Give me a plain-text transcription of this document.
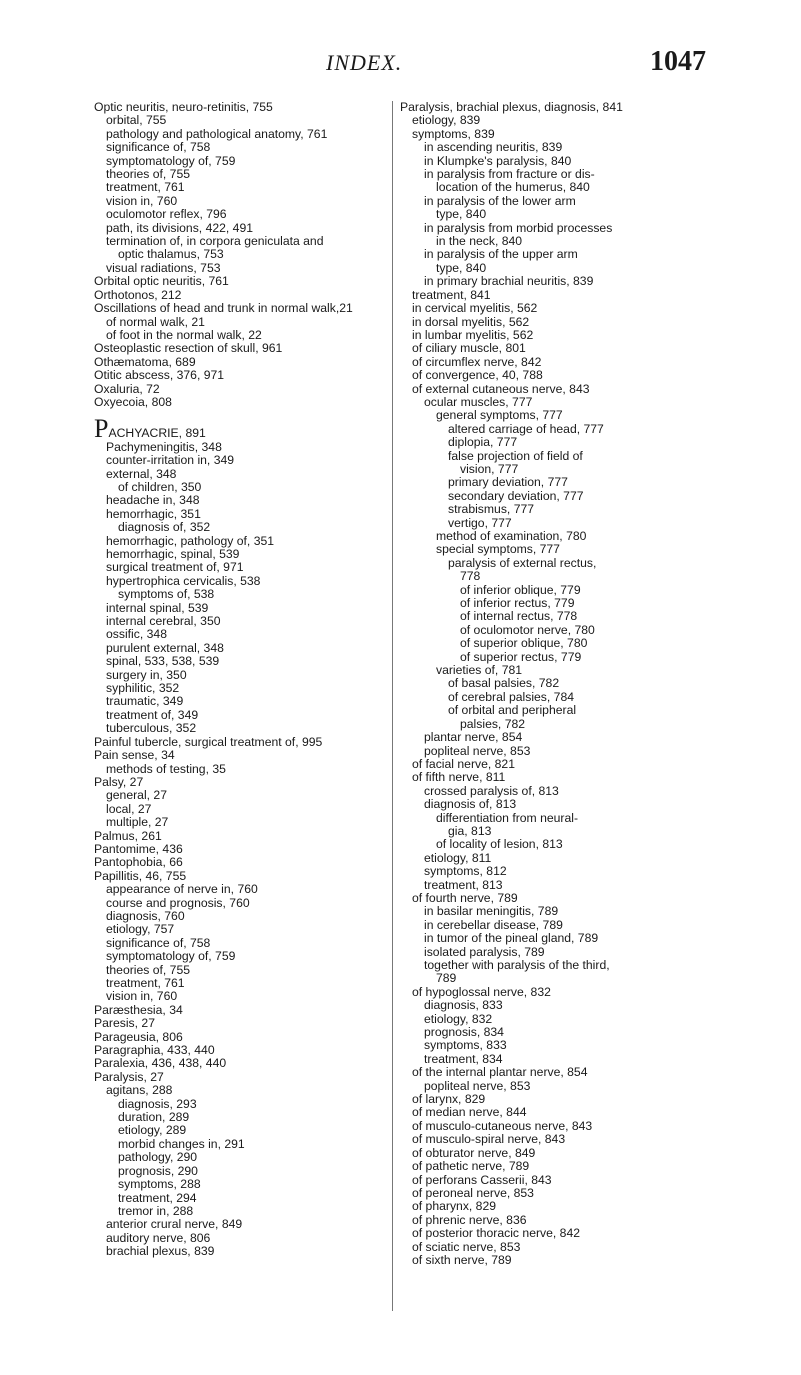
INDEX.	1047
Optic neuritis, neuro-retinitis, 755
orbital, 755
pathology and pathological anatomy, 761
significance of, 758
symptomatology of, 759
theories of, 755
treatment, 761
vision in, 760
oculomotor reflex, 796
path, its divisions, 422, 491
termination of, in corpora geniculata and
optic thalamus, 753
visual radiations, 753
Orbital optic neuritis, 761
Orthotonos, 212
Oscillations of head and trunk in normal walk,21
of normal walk, 21
of foot in the normal walk, 22
Osteoplastic resection of skull, 961
Othæmatoma, 689
Otitic abscess, 376, 971
Oxaluria, 72
Oxyecoia, 808
PACHYACRIE, 891
Pachymeningitis, 348
counter-irritation in, 349
external, 348
of children, 350
headache in, 348
hemorrhagic, 351
diagnosis of, 352
hemorrhagic, pathology of, 351
hemorrhagic, spinal, 539
surgical treatment of, 971
hypertrophica cervicalis, 538
symptoms of, 538
internal spinal, 539
internal cerebral, 350
ossific, 348
purulent external, 348
spinal, 533, 538, 539
surgery in, 350
syphilitic, 352
traumatic, 349
treatment of, 349
tuberculous, 352
Painful tubercle, surgical treatment of, 995
Pain sense, 34
methods of testing, 35
Palsy, 27
general, 27
local, 27
multiple, 27
Palmus, 261
Pantomime, 436
Pantophobia, 66
Papillitis, 46, 755
appearance of nerve in, 760
course and prognosis, 760
diagnosis, 760
etiology, 757
significance of, 758
symptomatology of, 759
theories of, 755
treatment, 761
vision in, 760
Paræsthesia, 34
Paresis, 27
Parageusia, 806
Paragraphia, 433, 440
Paralexia, 436, 438, 440
Paralysis, 27
agitans, 288
diagnosis, 293
duration, 289
etiology, 289
morbid changes in, 291
pathology, 290
prognosis, 290
symptoms, 288
treatment, 294
tremor in, 288
anterior crural nerve, 849
auditory nerve, 806
brachial plexus, 839
Paralysis, brachial plexus, diagnosis, 841
etiology, 839
symptoms, 839
in ascending neuritis, 839
in Klumpke's paralysis, 840
in paralysis from fracture or dis-
location of the humerus, 840
in paralysis of the lower arm
type, 840
in paralysis from morbid processes
in the neck, 840
in paralysis of the upper arm
type, 840
in primary brachial neuritis, 839
treatment, 841
in cervical myelitis, 562
in dorsal myelitis, 562
in lumbar myelitis, 562
of ciliary muscle, 801
of circumflex nerve, 842
of convergence, 40, 788
of external cutaneous nerve, 843
ocular muscles, 777
general symptoms, 777
altered carriage of head, 777
diplopia, 777
false projection of field of
vision, 777
primary deviation, 777
secondary deviation, 777
strabismus, 777
vertigo, 777
method of examination, 780
special symptoms, 777
paralysis of external rectus,
778
of inferior oblique, 779
of inferior rectus, 779
of internal rectus, 778
of oculomotor nerve, 780
of superior oblique, 780
of superior rectus, 779
varieties of, 781
of basal palsies, 782
of cerebral palsies, 784
of orbital and peripheral
palsies, 782
plantar nerve, 854
popliteal nerve, 853
of facial nerve, 821
of fifth nerve, 811
crossed paralysis of, 813
diagnosis of, 813
differentiation from neural-
gia, 813
of locality of lesion, 813
etiology, 811
symptoms, 812
treatment, 813
of fourth nerve, 789
in basilar meningitis, 789
in cerebellar disease, 789
in tumor of the pineal gland, 789
isolated paralysis, 789
together with paralysis of the third,
789
of hypoglossal nerve, 832
diagnosis, 833
etiology, 832
prognosis, 834
symptoms, 833
treatment, 834
of the internal plantar nerve, 854
popliteal nerve, 853
of larynx, 829
of median nerve, 844
of musculo-cutaneous nerve, 843
of musculo-spiral nerve, 843
of obturator nerve, 849
of pathetic nerve, 789
of perforans Casserii, 843
of peroneal nerve, 853
of pharynx, 829
of phrenic nerve, 836
of posterior thoracic nerve, 842
of sciatic nerve, 853
of sixth nerve, 789
